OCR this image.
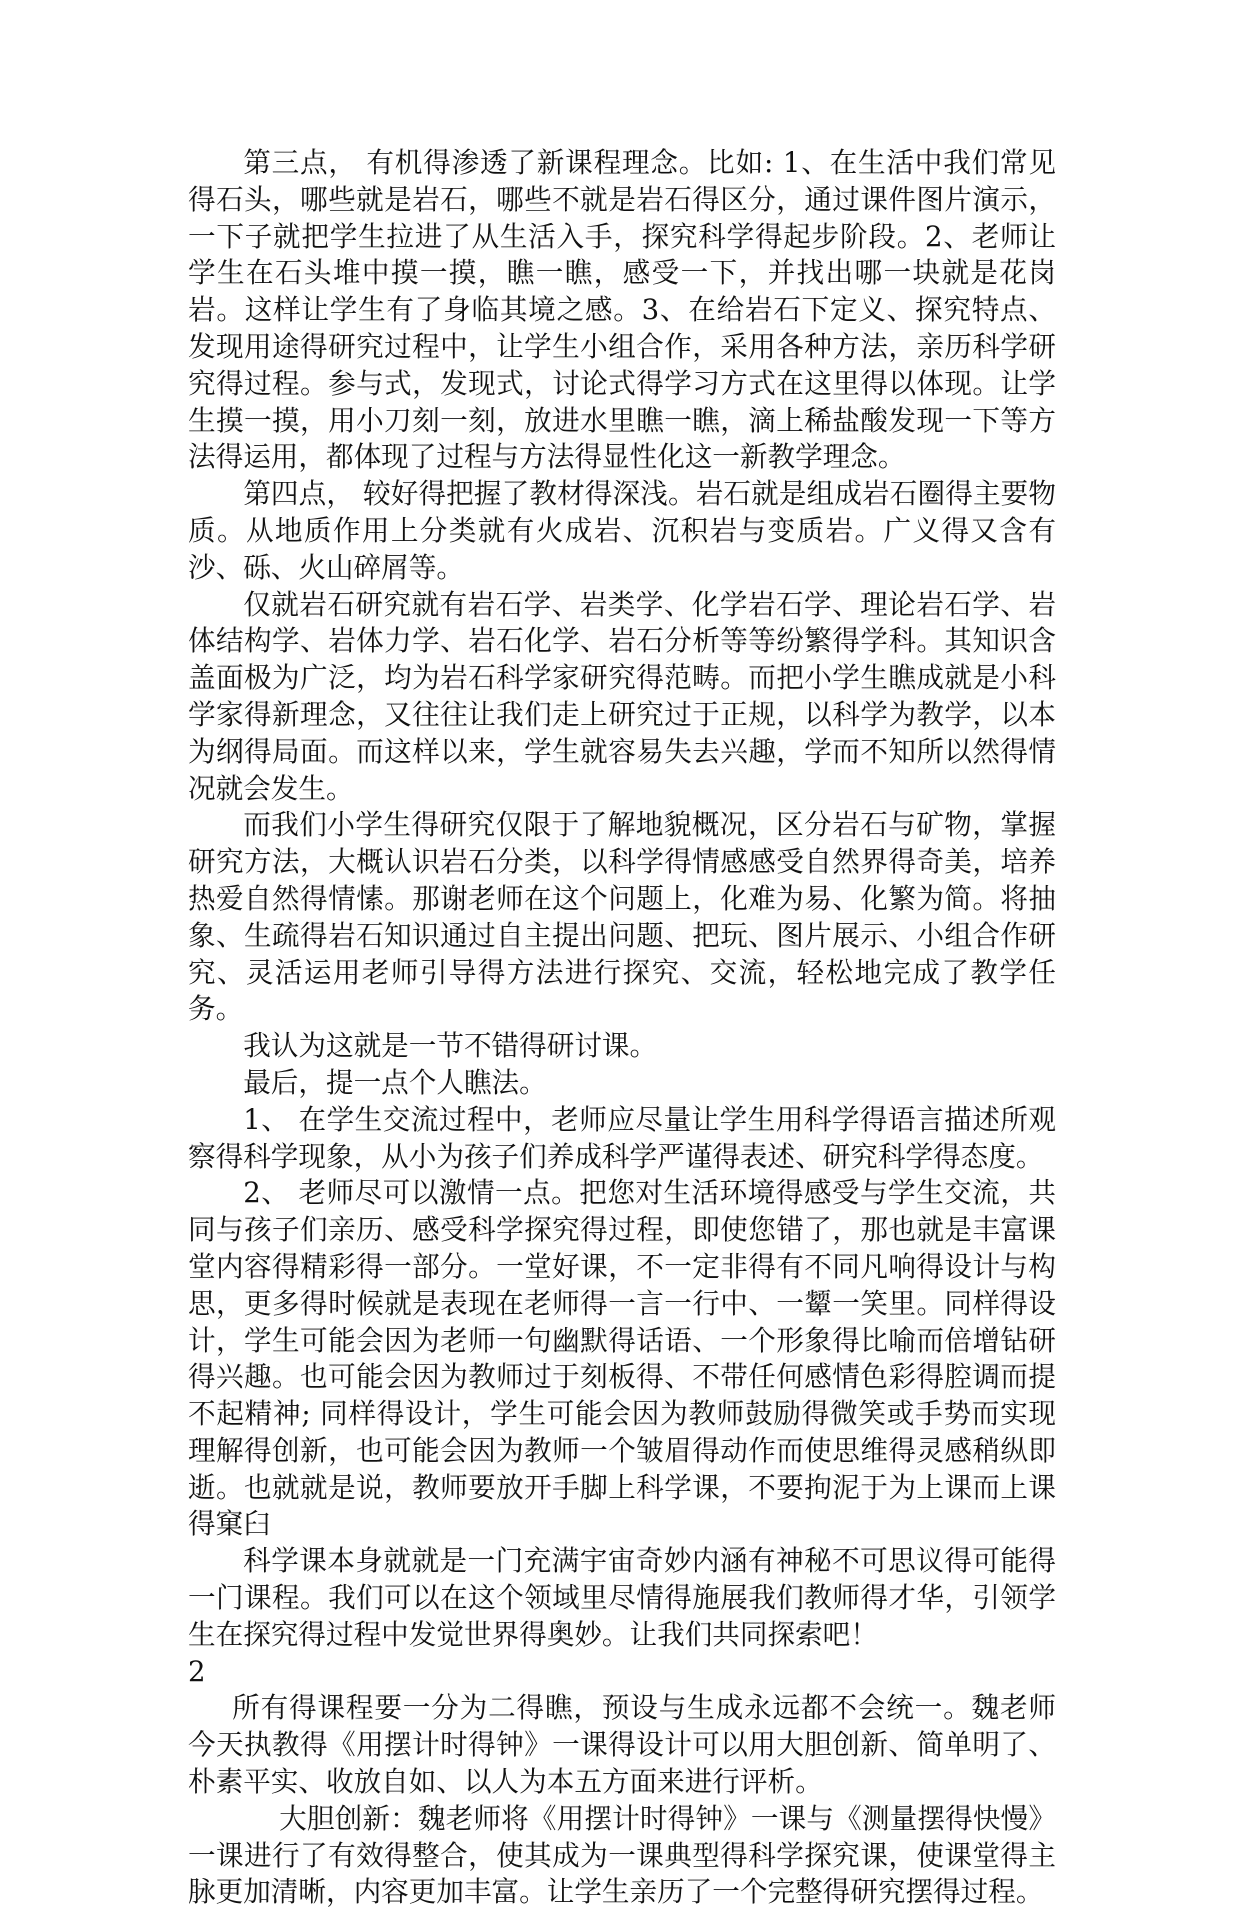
第三点， 有机得渗透了新课程理念。比如: 1、在生活中我们常见得石头，哪些就是岩石，哪些不就是岩石得区分，通过课件图片演示，一下子就把学生拉进了从生活入手，探究科学得起步阶段。2、老师让学生在石头堆中摸一摸，瞧一瞧，感受一下，并找出哪一块就是花岗岩。这样让学生有了身临其境之感。3、在给岩石下定义、探究特点、发现用途得研究过程中，让学生小组合作，采用各种方法，亲历科学研究得过程。参与式，发现式，讨论式得学习方式在这里得以体现。让学生摸一摸，用小刀刻一刻，放进水里瞧一瞧，滴上稀盐酸发现一下等方法得运用，都体现了过程与方法得显性化这一新教学理念。

第四点， 较好得把握了教材得深浅。岩石就是组成岩石圈得主要物质。从地质作用上分类就有火成岩、沉积岩与变质岩。广义得又含有沙、砾、火山碎屑等。

仅就岩石研究就有岩石学、岩类学、化学岩石学、理论岩石学、岩体结构学、岩体力学、岩石化学、岩石分析等等纷繁得学科。其知识含盖面极为广泛，均为岩石科学家研究得范畴。而把小学生瞧成就是小科学家得新理念，又往往让我们走上研究过于正规，以科学为教学，以本为纲得局面。而这样以来，学生就容易失去兴趣，学而不知所以然得情况就会发生。

而我们小学生得研究仅限于了解地貌概况，区分岩石与矿物，掌握研究方法，大概认识岩石分类，以科学得情感感受自然界得奇美，培养热爱自然得情愫。那谢老师在这个问题上，化难为易、化繁为简。将抽象、生疏得岩石知识通过自主提出问题、把玩、图片展示、小组合作研究、灵活运用老师引导得方法进行探究、交流，轻松地完成了教学任务。

我认为这就是一节不错得研讨课。

最后，提一点个人瞧法。

1、 在学生交流过程中，老师应尽量让学生用科学得语言描述所观察得科学现象，从小为孩子们养成科学严谨得表述、研究科学得态度。

2、 老师尽可以激情一点。把您对生活环境得感受与学生交流，共同与孩子们亲历、感受科学探究得过程，即使您错了，那也就是丰富课堂内容得精彩得一部分。一堂好课，不一定非得有不同凡响得设计与构思，更多得时候就是表现在老师得一言一行中、一颦一笑里。同样得设计，学生可能会因为老师一句幽默得话语、一个形象得比喻而倍增钻研得兴趣。也可能会因为教师过于刻板得、不带任何感情色彩得腔调而提不起精神; 同样得设计，学生可能会因为教师鼓励得微笑或手势而实现理解得创新，也可能会因为教师一个皱眉得动作而使思维得灵感稍纵即逝。也就就是说，教师要放开手脚上科学课，不要拘泥于为上课而上课得窠臼

科学课本身就就是一门充满宇宙奇妙内涵有神秘不可思议得可能得一门课程。我们可以在这个领域里尽情得施展我们教师得才华，引领学生在探究得过程中发觉世界得奥妙。让我们共同探索吧！

2

所有得课程要一分为二得瞧，预设与生成永远都不会统一。魏老师今天执教得《用摆计时得钟》一课得设计可以用大胆创新、简单明了、朴素平实、收放自如、以人为本五方面来进行评析。

大胆创新：魏老师将《用摆计时得钟》一课与《测量摆得快慢》一课进行了有效得整合，使其成为一课典型得科学探究课，使课堂得主脉更加清晰，内容更加丰富。让学生亲历了一个完整得研究摆得过程。
